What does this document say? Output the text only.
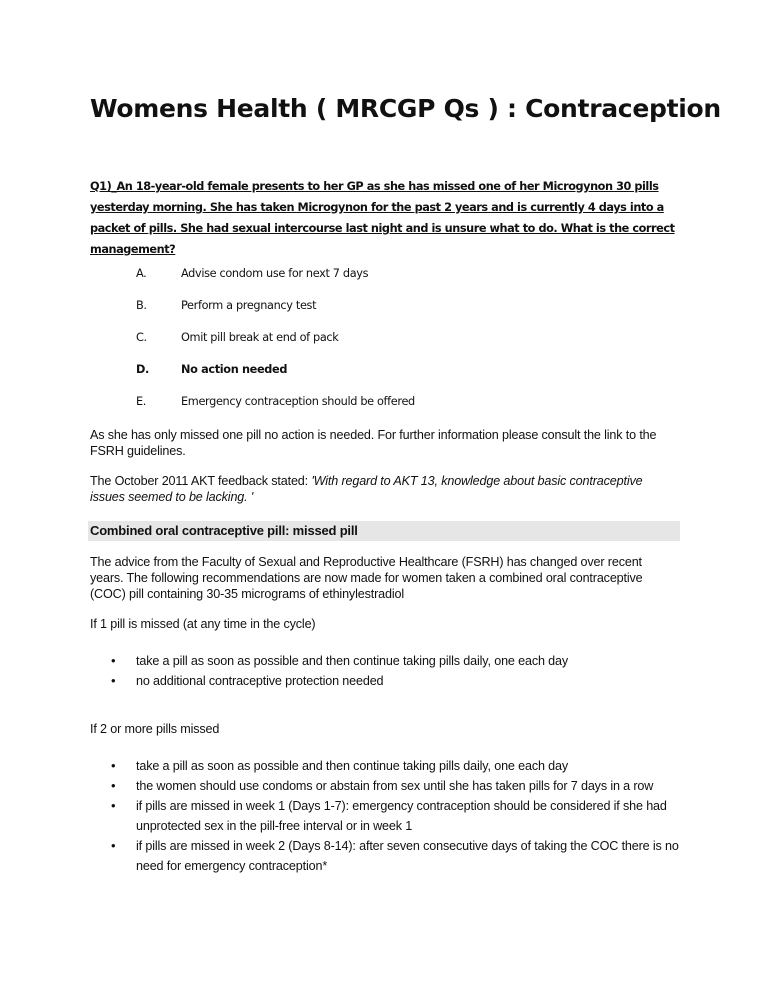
Womens Health ( MRCGP Qs ) : Contraception

Q1)_An 18-year-old female presents to her GP as she has missed one of her Microgynon 30 pills yesterday morning. She has taken Microgynon for the past 2 years and is currently 4 days into a packet of pills. She had sexual intercourse last night and is unsure what to do. What is the correct management?

A.	Advise condom use for next 7 days
B.	Perform a pregnancy test
C.	Omit pill break at end of pack
D.	No action needed
E.	Emergency contraception should be offered

As she has only missed one pill no action is needed. For further information please consult the link to the FSRH guidelines.

The October 2011 AKT feedback stated: 'With regard to AKT 13, knowledge about basic contraceptive issues seemed to be lacking. '

Combined oral contraceptive pill: missed pill

The advice from the Faculty of Sexual and Reproductive Healthcare (FSRH) has changed over recent years. The following recommendations are now made for women taken a combined oral contraceptive (COC) pill containing 30-35 micrograms of ethinylestradiol

If 1 pill is missed (at any time in the cycle)

• take a pill as soon as possible and then continue taking pills daily, one each day
• no additional contraceptive protection needed

If 2 or more pills missed

• take a pill as soon as possible and then continue taking pills daily, one each day
• the women should use condoms or abstain from sex until she has taken pills for 7 days in a row
• if pills are missed in week 1 (Days 1-7): emergency contraception should be considered if she had unprotected sex in the pill-free interval or in week 1
• if pills are missed in week 2 (Days 8-14): after seven consecutive days of taking the COC there is no need for emergency contraception*
